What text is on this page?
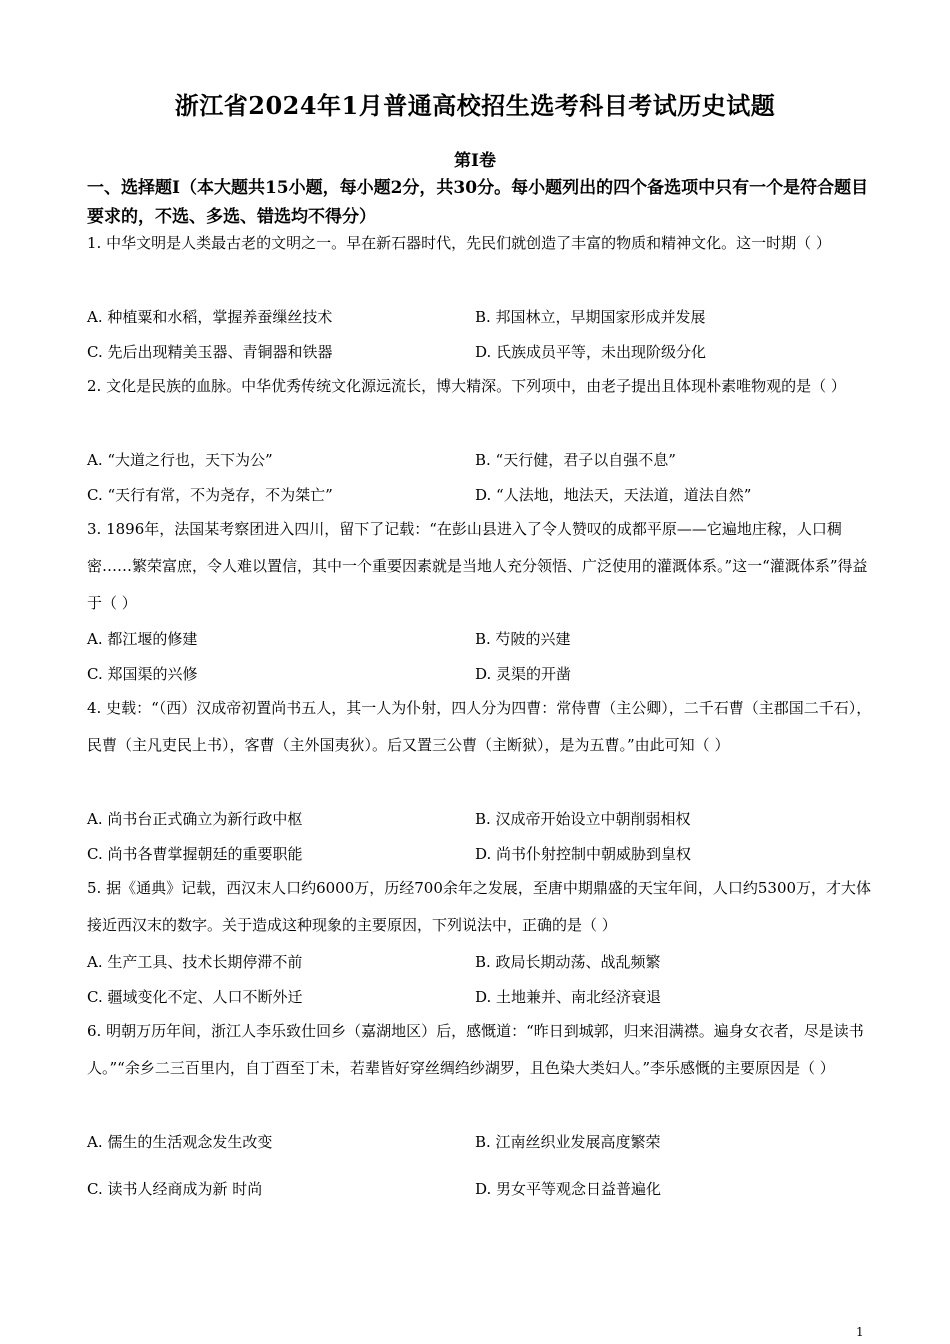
浙江省2024年1月普通高校招生选考科目考试历史试题
第Ⅰ卷
一、选择题Ⅰ（本大题共15小题，每小题2分，共30分。每小题列出的四个备选项中只有一个是符合题目要求的，不选、多选、错选均不得分）
1. 中华文明是人类最古老的文明之一。早在新石器时代，先民们就创造了丰富的物质和精神文化。这一时期（ ）
A. 种植粟和水稻，掌握养蚕缫丝技术	B. 邦国林立，早期国家形成并发展
C. 先后出现精美玉器、青铜器和铁器	D. 氏族成员平等，未出现阶级分化
2. 文化是民族的血脉。中华优秀传统文化源远流长，博大精深。下列项中，由老子提出且体现朴素唯物观的是（ ）
A. “大道之行也，天下为公”	B. “天行健，君子以自强不息”
C. “天行有常，不为尧存，不为桀亡”	D. “人法地，地法天，天法道，道法自然”
3. 1896年，法国某考察团进入四川，留下了记载：“在彭山县进入了令人赞叹的成都平原——它遍地庄稼，人口稠密……繁荣富庶，令人难以置信，其中一个重要因素就是当地人充分领悟、广泛使用的灌溉体系。”这一“灌溉体系”得益于（ ）
A. 都江堰的修建	B. 芍陂的兴建
C. 郑国渠的兴修	D. 灵渠的开凿
4. 史载：“（西）汉成帝初置尚书五人，其一人为仆射，四人分为四曹：常侍曹（主公卿），二千石曹（主郡国二千石），民曹（主凡吏民上书），客曹（主外国夷狄）。后又置三公曹（主断狱），是为五曹。”由此可知（ ）
A. 尚书台正式确立为新行政中枢	B. 汉成帝开始设立中朝削弱相权
C. 尚书各曹掌握朝廷的重要职能	D. 尚书仆射控制中朝威胁到皇权
5. 据《通典》记载，西汉末人口约6000万，历经700余年之发展，至唐中期鼎盛的天宝年间，人口约5300万，才大体接近西汉末的数字。关于造成这种现象的主要原因，下列说法中，正确的是（ ）
A. 生产工具、技术长期停滞不前	B. 政局长期动荡、战乱频繁
C. 疆域变化不定、人口不断外迁	D. 土地兼并、南北经济衰退
6. 明朝万历年间，浙江人李乐致仕回乡（嘉湖地区）后，感慨道：“昨日到城郭，归来泪满襟。遍身女衣者，尽是读书人。”“余乡二三百里内，自丁酉至丁未，若辈皆好穿丝绸绉纱湖罗，且色染大类妇人。”李乐感慨的主要原因是（ ）
A. 儒生的生活观念发生改变	B. 江南丝织业发展高度繁荣
C. 读书人经商成为新 时尚	D. 男女平等观念日益普遍化
1
